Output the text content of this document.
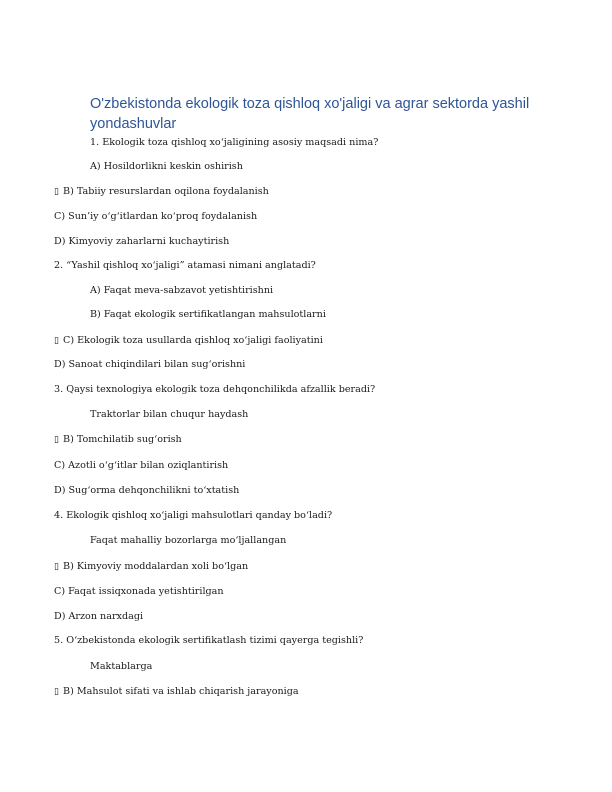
O'zbekistonda ekologik toza qishloq xo'jaligi va agrar sektorda yashil yondashuvlar
1. Ekologik toza qishloq xo‘jaligining asosiy maqsadi nima?
A) Hosildorlikni keskin oshirish
▯ B) Tabiiy resurslardan oqilona foydalanish
C) Sun’iy o‘g‘itlardan ko‘proq foydalanish
D) Kimyoviy zaharlarni kuchaytirish
2. “Yashil qishloq xo‘jaligi” atamasi nimani anglatadi?
A) Faqat meva-sabzavot yetishtirishni
B) Faqat ekologik sertifikatlangan mahsulotlarni
▯ C) Ekologik toza usullarda qishloq xo‘jaligi faoliyatini
D) Sanoat chiqindilari bilan sug‘orishni
3. Qaysi texnologiya ekologik toza dehqonchilikda afzallik beradi?
Traktorlar bilan chuqur haydash
▯ B) Tomchilatib sug‘orish
C) Azotli o‘g‘itlar bilan oziqlantirish
D) Sug‘orma dehqonchilikni to‘xtatish
4. Ekologik qishloq xo‘jaligi mahsulotlari qanday bo‘ladi?
Faqat mahalliy bozorlarga mo‘ljallangan
▯ B) Kimyoviy moddalardan xoli bo‘lgan
C) Faqat issiqxonada yetishtirilgan
D) Arzon narxdagi
5. O‘zbekistonda ekologik sertifikatlash tizimi qayerga tegishli?
Maktablarga
▯ B) Mahsulot sifati va ishlab chiqarish jarayoniga
